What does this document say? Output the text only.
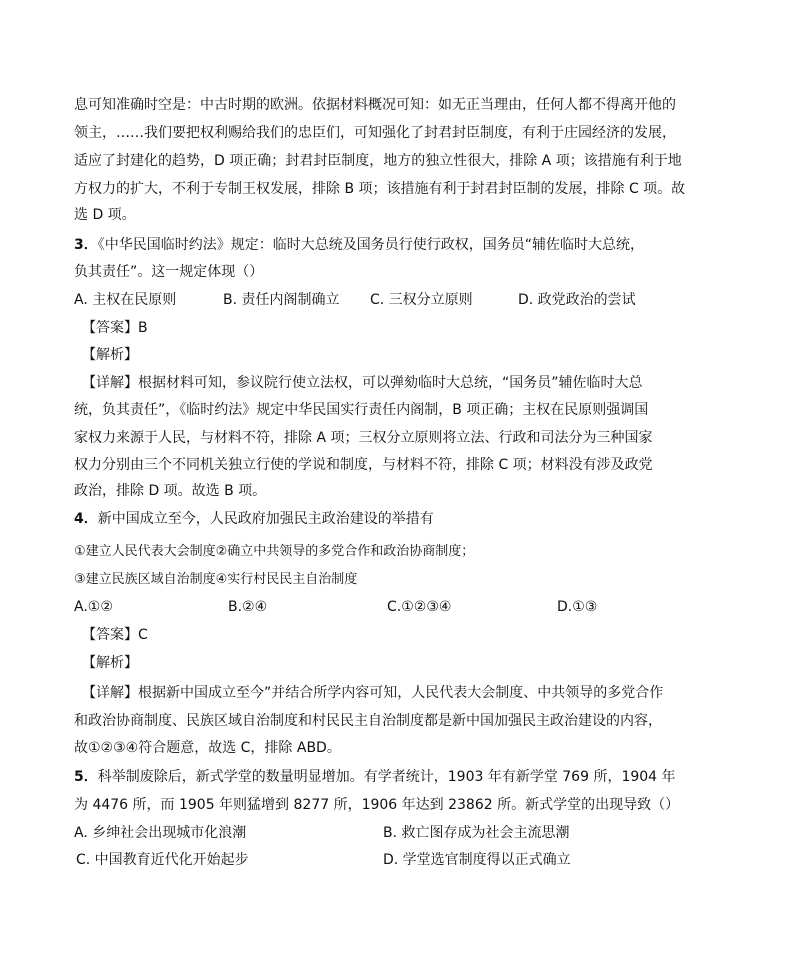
息可知准确时空是：中古时期的欧洲。依据材料概况可知：如无正当理由，任何人都不得离开他的
领主，……我们要把权利赐给我们的忠臣们，可知强化了封君封臣制度，有利于庄园经济的发展，
适应了封建化的趋势，D 项正确；封君封臣制度，地方的独立性很大，排除 A 项；该措施有利于地
方权力的扩大，不利于专制王权发展，排除 B 项；该措施有利于封君封臣制的发展，排除 C 项。故
选 D 项。
3．《中华民国临时约法》规定：临时大总统及国务员行使行政权，国务员“辅佐临时大总统，
负其责任”。这一规定体现（）
A. 主权在民原则	B. 责任内阁制确立 C. 三权分立原则	D. 政党政治的尝试
【答案】B
【解析】
【详解】根据材料可知，参议院行使立法权，可以弹劾临时大总统，“国务员”辅佐临时大总
统，负其责任”，《临时约法》规定中华民国实行责任内阁制，B 项正确；主权在民原则强调国
家权力来源于人民，与材料不符，排除 A 项；三权分立原则将立法、行政和司法分为三种国家
权力分别由三个不同机关独立行使的学说和制度，与材料不符，排除 C 项；材料没有涉及政党
政治，排除 D 项。故选 B 项。
4．新中国成立至今，人民政府加强民主政治建设的举措有
①建立人民代表大会制度②确立中共领导的多党合作和政治协商制度；
③建立民族区域自治制度④实行村民民主自治制度
A.①②	B.②④	C.①②③④	D.①③
【答案】C
【解析】
【详解】根据新中国成立至今”并结合所学内容可知，人民代表大会制度、中共领导的多党合作
和政治协商制度、民族区域自治制度和村民民主自治制度都是新中国加强民主政治建设的内容，
故①②③④符合题意，故选 C，排除 ABD。
5．科举制废除后，新式学堂的数量明显增加。有学者统计，1903 年有新学堂 769 所，1904 年
为 4476 所，而 1905 年则猛增到 8277 所，1906 年达到 23862 所。新式学堂的出现导致（）
A. 乡绅社会出现城市化浪潮	B. 救亡图存成为社会主流思潮
C. 中国教育近代化开始起步	D. 学堂选官制度得以正式确立
